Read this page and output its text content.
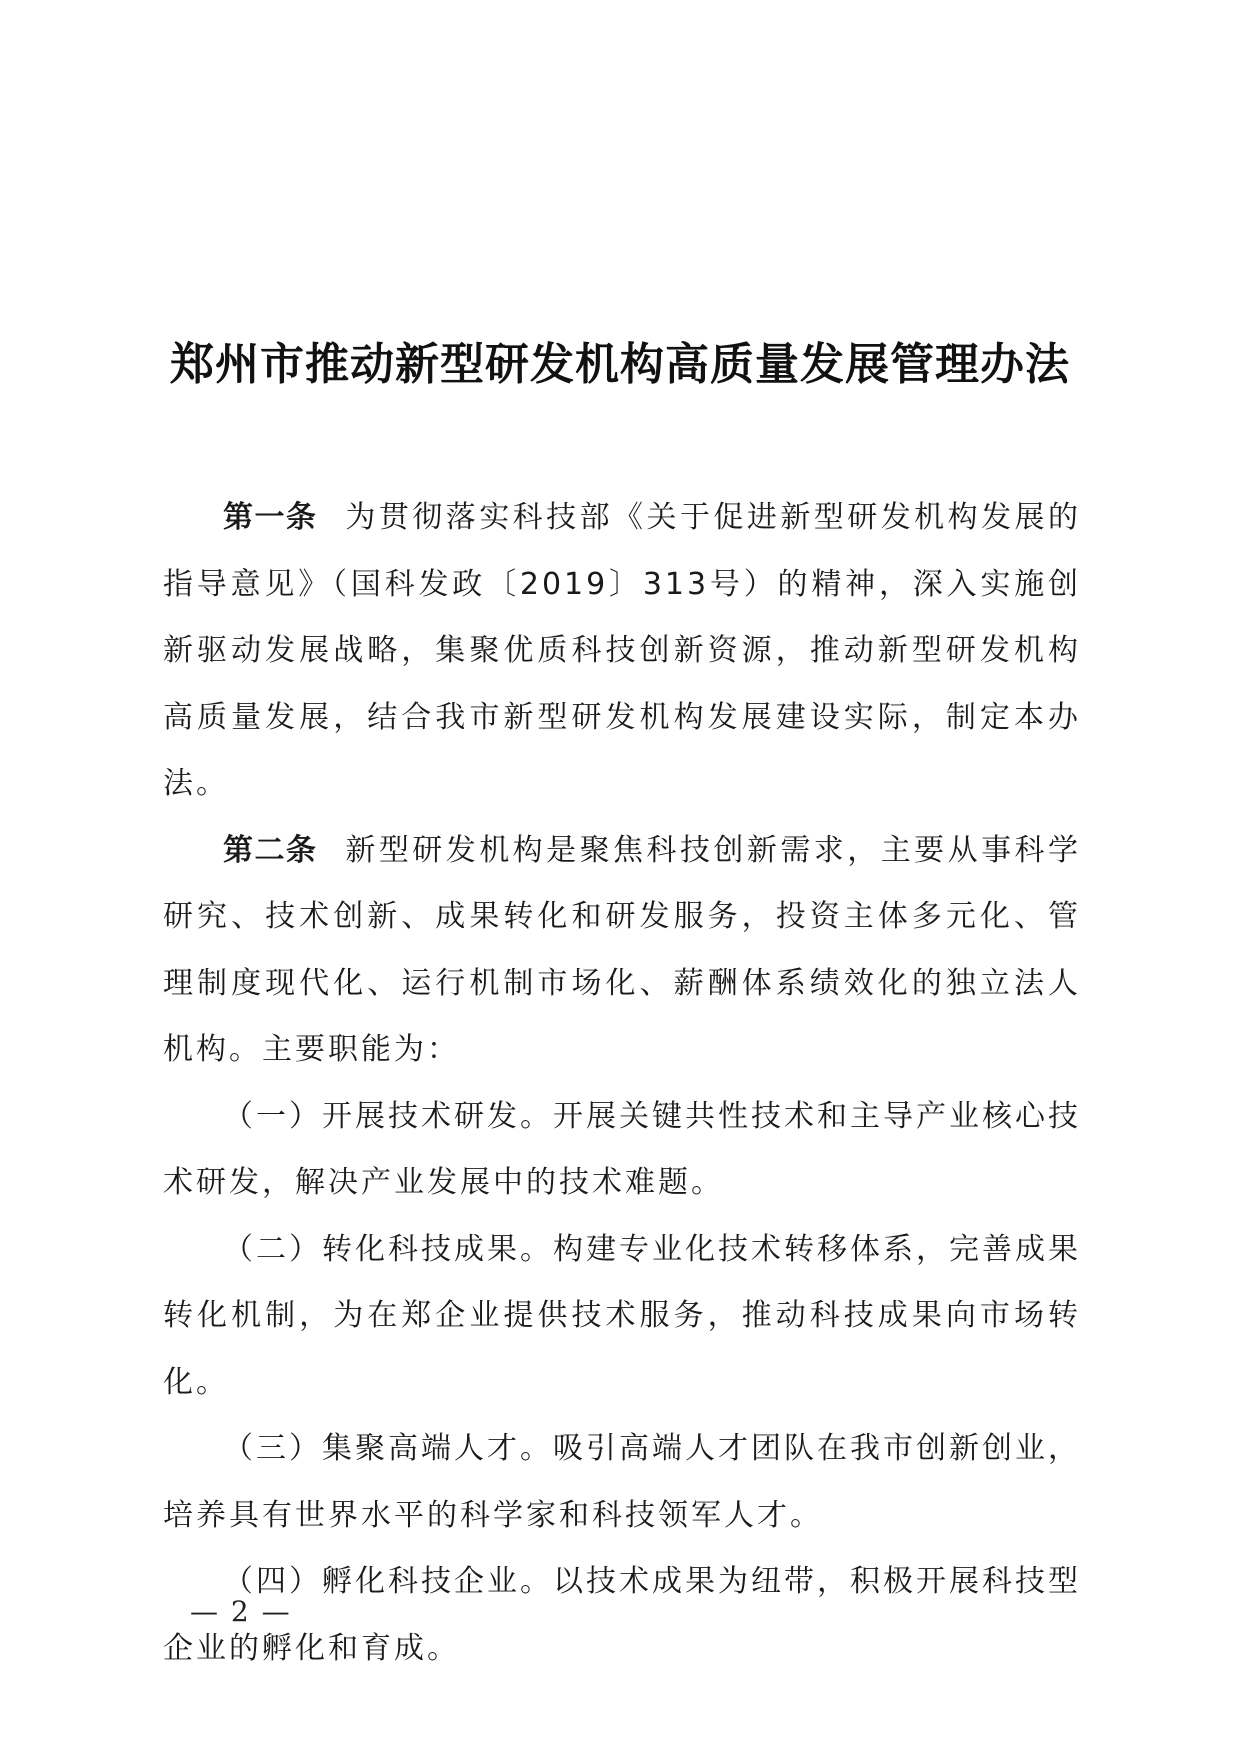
郑州市推动新型研发机构高质量发展管理办法

第一条 为贯彻落实科技部《关于促进新型研发机构发展的指导意见》（国科发政〔2019〕313号）的精神，深入实施创新驱动发展战略，集聚优质科技创新资源，推动新型研发机构高质量发展，结合我市新型研发机构发展建设实际，制定本办法。

第二条 新型研发机构是聚焦科技创新需求，主要从事科学研究、技术创新、成果转化和研发服务，投资主体多元化、管理制度现代化、运行机制市场化、薪酬体系绩效化的独立法人机构。主要职能为：

（一）开展技术研发。开展关键共性技术和主导产业核心技术研发，解决产业发展中的技术难题。

（二）转化科技成果。构建专业化技术转移体系，完善成果转化机制，为在郑企业提供技术服务，推动科技成果向市场转化。

（三）集聚高端人才。吸引高端人才团队在我市创新创业，培养具有世界水平的科学家和科技领军人才。

（四）孵化科技企业。以技术成果为纽带，积极开展科技型企业的孵化和育成。

— 2 —
